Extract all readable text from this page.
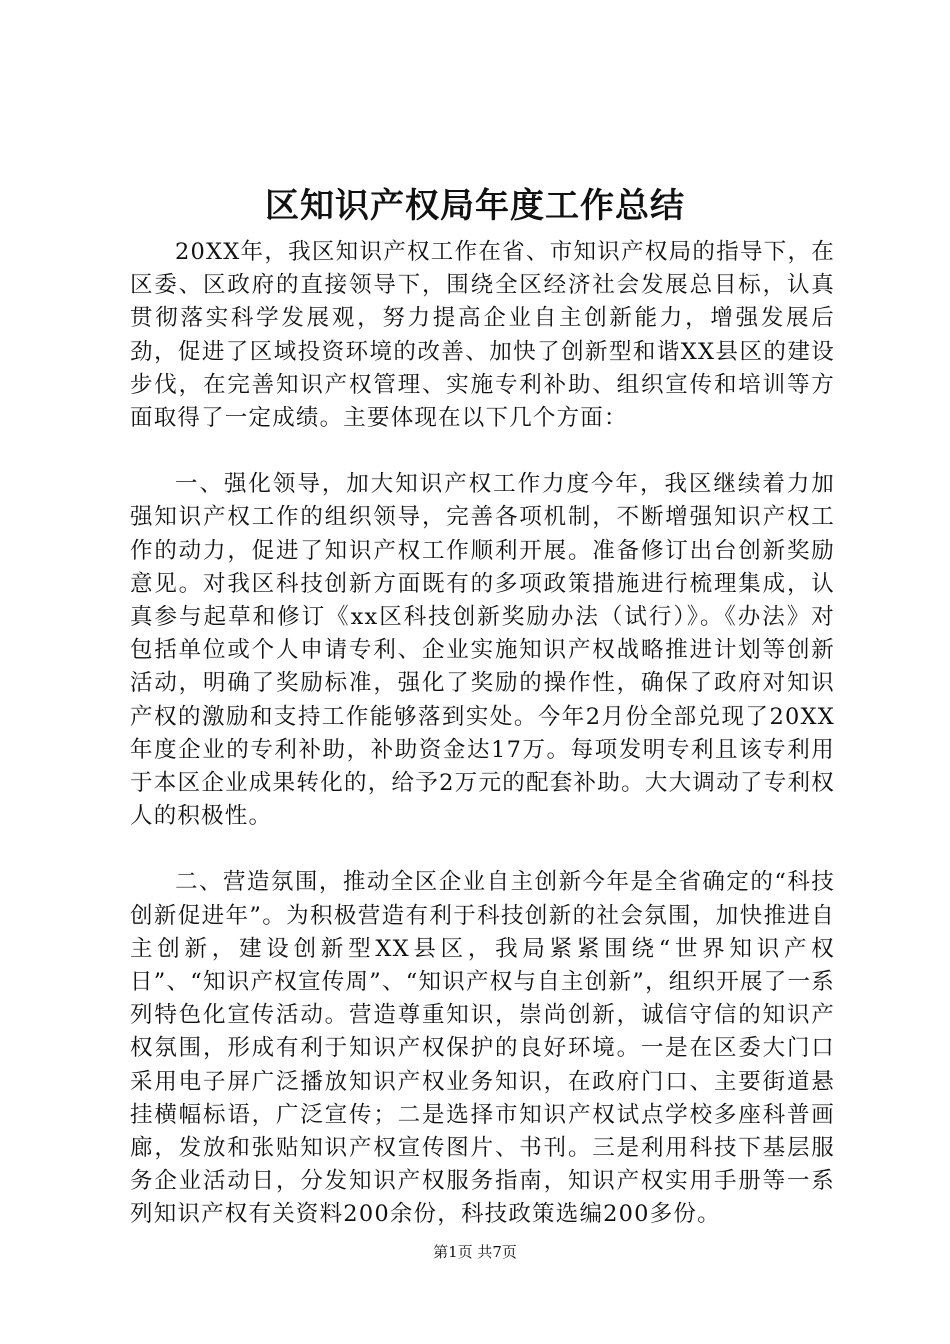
区知识产权局年度工作总结

20XX年，我区知识产权工作在省、市知识产权局的指导下，在区委、区政府的直接领导下，围绕全区经济社会发展总目标，认真贯彻落实科学发展观，努力提高企业自主创新能力，增强发展后劲，促进了区域投资环境的改善、加快了创新型和谐XX县区的建设步伐，在完善知识产权管理、实施专利补助、组织宣传和培训等方面取得了一定成绩。主要体现在以下几个方面：

一、强化领导，加大知识产权工作力度今年，我区继续着力加强知识产权工作的组织领导，完善各项机制，不断增强知识产权工作的动力，促进了知识产权工作顺利开展。准备修订出台创新奖励意见。对我区科技创新方面既有的多项政策措施进行梳理集成，认真参与起草和修订《xx区科技创新奖励办法（试行）》。《办法》对包括单位或个人申请专利、企业实施知识产权战略推进计划等创新活动，明确了奖励标准，强化了奖励的操作性，确保了政府对知识产权的激励和支持工作能够落到实处。今年2月份全部兑现了20XX年度企业的专利补助，补助资金达17万。每项发明专利且该专利用于本区企业成果转化的，给予2万元的配套补助。大大调动了专利权人的积极性。

二、营造氛围，推动全区企业自主创新今年是全省确定的“科技创新促进年”。为积极营造有利于科技创新的社会氛围，加快推进自主创新，建设创新型XX县区，我局紧紧围绕“世界知识产权日”、“知识产权宣传周”、“知识产权与自主创新”，组织开展了一系列特色化宣传活动。营造尊重知识，崇尚创新，诚信守信的知识产权氛围，形成有利于知识产权保护的良好环境。一是在区委大门口采用电子屏广泛播放知识产权业务知识，在政府门口、主要街道悬挂横幅标语，广泛宣传；二是选择市知识产权试点学校多座科普画廊，发放和张贴知识产权宣传图片、书刊。三是利用科技下基层服务企业活动日，分发知识产权服务指南，知识产权实用手册等一系列知识产权有关资料200余份，科技政策选编200多份。

第1页 共7页
